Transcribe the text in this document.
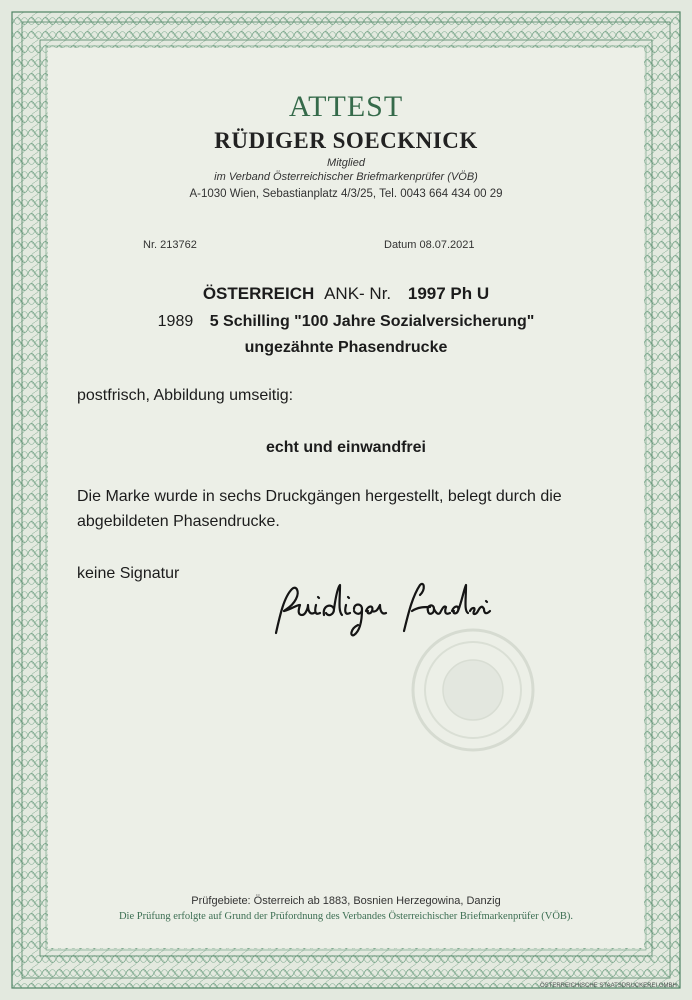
ATTEST
RÜDIGER SOECKNICK
Mitglied
im Verband Österreichischer Briefmarkenprüfer (VÖB)
A-1030 Wien, Sebastianplatz 4/3/25, Tel. 0043 664 434 00 29
Nr. 213762	Datum 08.07.2021
ÖSTERREICH ANK- Nr. 1997 Ph U
1989 5 Schilling "100 Jahre Sozialversicherung"
ungezähnte Phasendrucke
postfrisch, Abbildung umseitig:
echt und einwandfrei
Die Marke wurde in sechs Druckgängen hergestellt, belegt durch die
abgebildeten Phasendrucke.
keine Signatur
Prüfgebiete: Österreich ab 1883, Bosnien Herzegowina, Danzig
Die Prüfung erfolgte auf Grund der Prüfordnung des Verbandes Österreichischer Briefmarkenprüfer (VÖB).
ÖSTERREICHISCHE STAATSDRUCKEREI GMBH
